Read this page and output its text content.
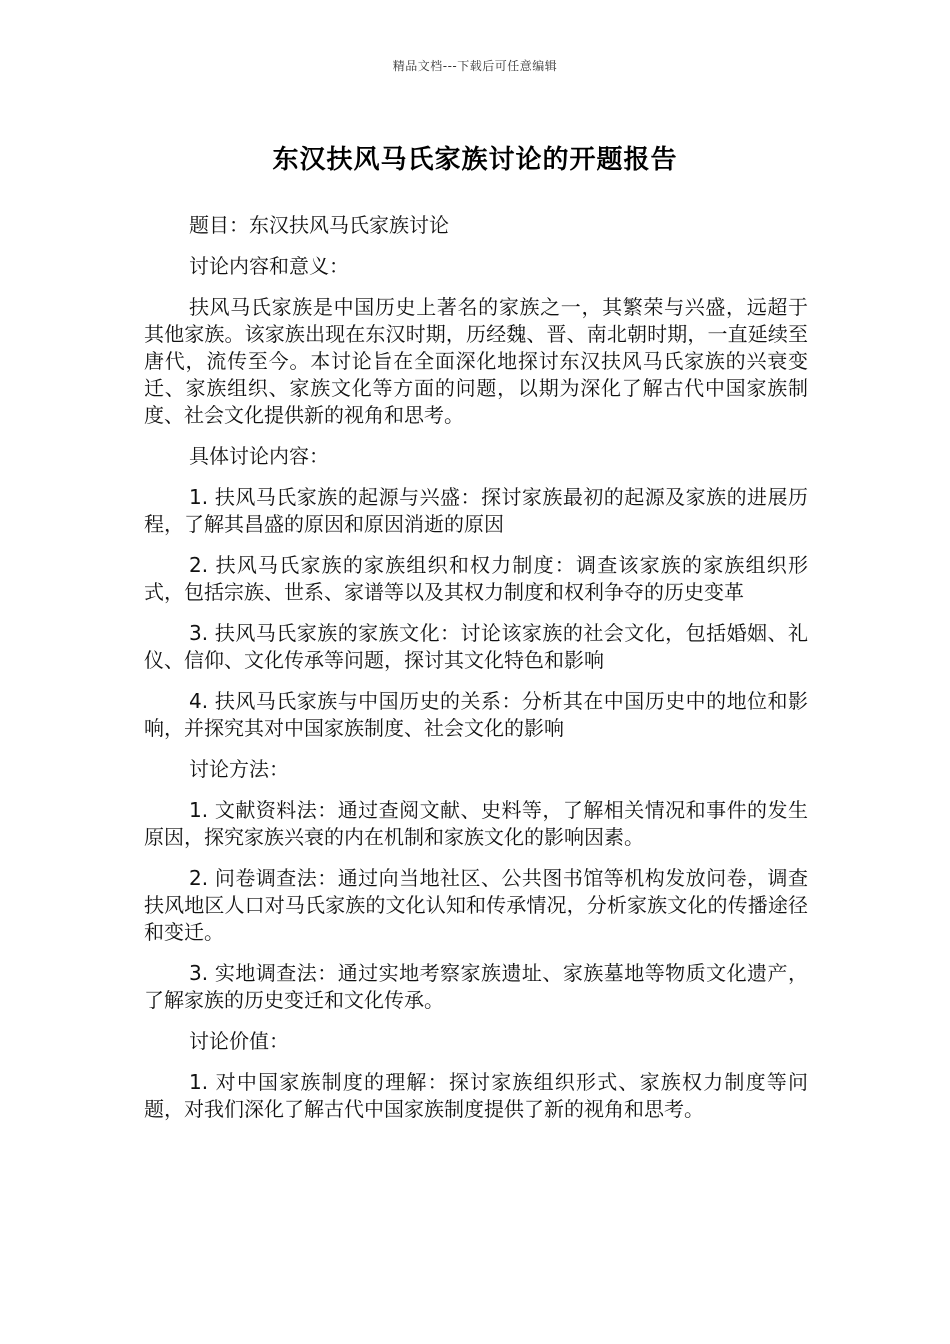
精品文档---下载后可任意编辑
东汉扶风马氏家族讨论的开题报告

题目：东汉扶风马氏家族讨论

讨论内容和意义：

扶风马氏家族是中国历史上著名的家族之一，其繁荣与兴盛，远超于其他家族。该家族出现在东汉时期，历经魏、晋、南北朝时期，一直延续至唐代，流传至今。本讨论旨在全面深化地探讨东汉扶风马氏家族的兴衰变迁、家族组织、家族文化等方面的问题，以期为深化了解古代中国家族制度、社会文化提供新的视角和思考。

具体讨论内容：

1. 扶风马氏家族的起源与兴盛：探讨家族最初的起源及家族的进展历程，了解其昌盛的原因和原因消逝的原因

2. 扶风马氏家族的家族组织和权力制度：调查该家族的家族组织形式，包括宗族、世系、家谱等以及其权力制度和权利争夺的历史变革

3. 扶风马氏家族的家族文化：讨论该家族的社会文化，包括婚姻、礼仪、信仰、文化传承等问题，探讨其文化特色和影响

4. 扶风马氏家族与中国历史的关系：分析其在中国历史中的地位和影响，并探究其对中国家族制度、社会文化的影响

讨论方法：

1. 文献资料法：通过查阅文献、史料等，了解相关情况和事件的发生原因，探究家族兴衰的内在机制和家族文化的影响因素。

2. 问卷调查法：通过向当地社区、公共图书馆等机构发放问卷，调查扶风地区人口对马氏家族的文化认知和传承情况，分析家族文化的传播途径和变迁。

3. 实地调查法：通过实地考察家族遗址、家族墓地等物质文化遗产，了解家族的历史变迁和文化传承。

讨论价值：

1. 对中国家族制度的理解：探讨家族组织形式、家族权力制度等问题，对我们深化了解古代中国家族制度提供了新的视角和思考。
